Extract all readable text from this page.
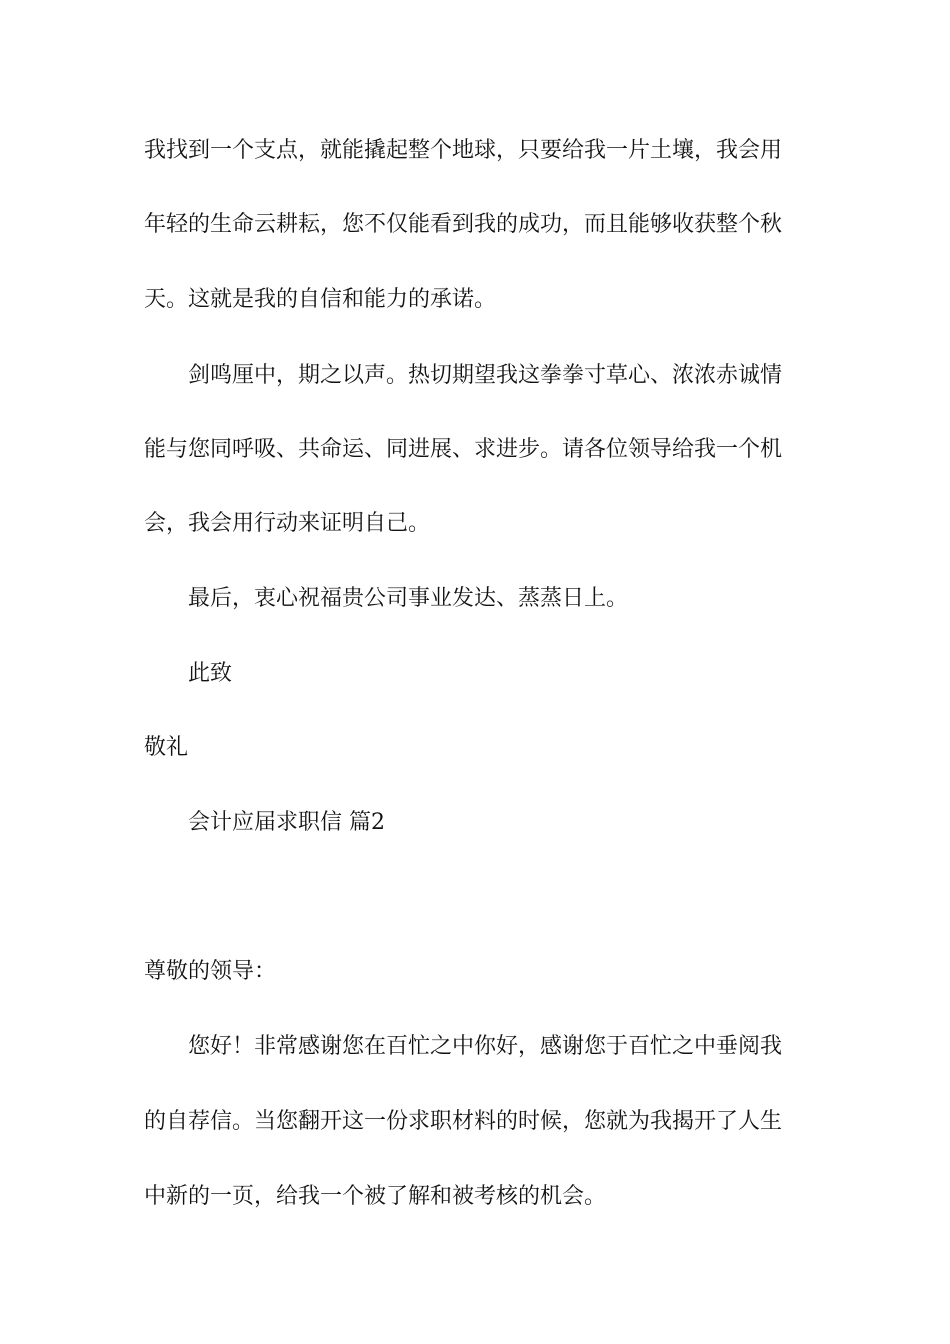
我找到一个支点，就能撬起整个地球，只要给我一片土壤，我会用
年轻的生命云耕耘，您不仅能看到我的成功，而且能够收获整个秋
天。这就是我的自信和能力的承诺。
剑鸣厘中，期之以声。热切期望我这拳拳寸草心、浓浓赤诚情
能与您同呼吸、共命运、同进展、求进步。请各位领导给我一个机
会，我会用行动来证明自己。
最后，衷心祝福贵公司事业发达、蒸蒸日上。
此致
敬礼
会计应届求职信 篇2
尊敬的领导：
您好！非常感谢您在百忙之中你好，感谢您于百忙之中垂阅我
的自荐信。当您翻开这一份求职材料的时候，您就为我揭开了人生
中新的一页，给我一个被了解和被考核的机会。
